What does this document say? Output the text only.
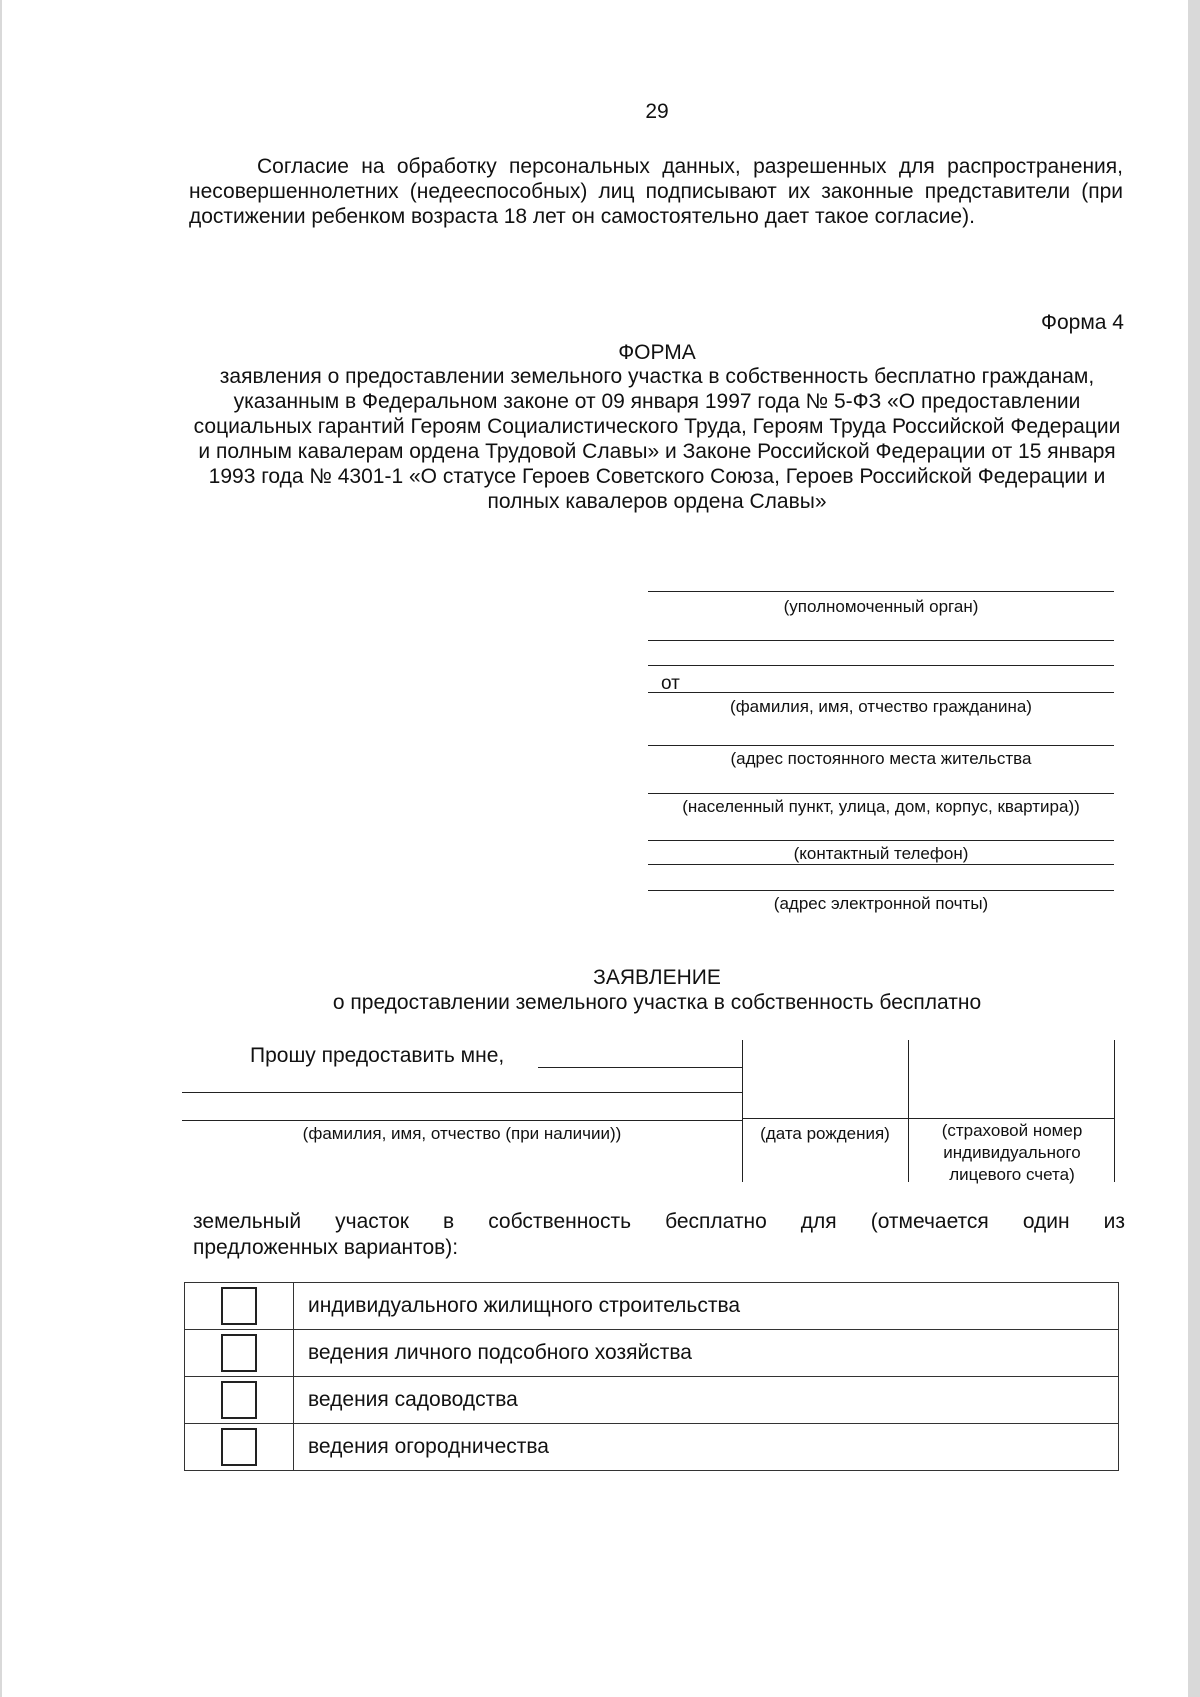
29
Согласие на обработку персональных данных, разрешенных для распространения, несовершеннолетних (недееспособных) лиц подписывают их законные представители (при достижении ребенком возраста 18 лет он самостоятельно дает такое согласие).
Форма 4
ФОРМА
заявления о предоставлении земельного участка в собственность бесплатно гражданам, указанным в Федеральном законе от 09 января 1997 года № 5-ФЗ «О предоставлении социальных гарантий Героям Социалистического Труда, Героям Труда Российской Федерации и полным кавалерам ордена Трудовой Славы» и Законе Российской Федерации от 15 января 1993 года № 4301-1 «О статусе Героев Советского Союза, Героев Российской Федерации и полных кавалеров ордена Славы»
(уполномоченный орган)
от
(фамилия, имя, отчество гражданина)
(адрес постоянного места жительства
(населенный пункт, улица, дом, корпус, квартира))
(контактный телефон)
(адрес электронной почты)
ЗАЯВЛЕНИЕ
о предоставлении земельного участка в собственность бесплатно
Прошу предоставить мне,
(фамилия, имя, отчество (при наличии))	(дата рождения)	(страховой номер индивидуального лицевого счета)
земельный участок в собственность бесплатно для (отмечается один из
предложенных вариантов):
	индивидуального жилищного строительства
	ведения личного подсобного хозяйства
	ведения садоводства
	ведения огородничества
